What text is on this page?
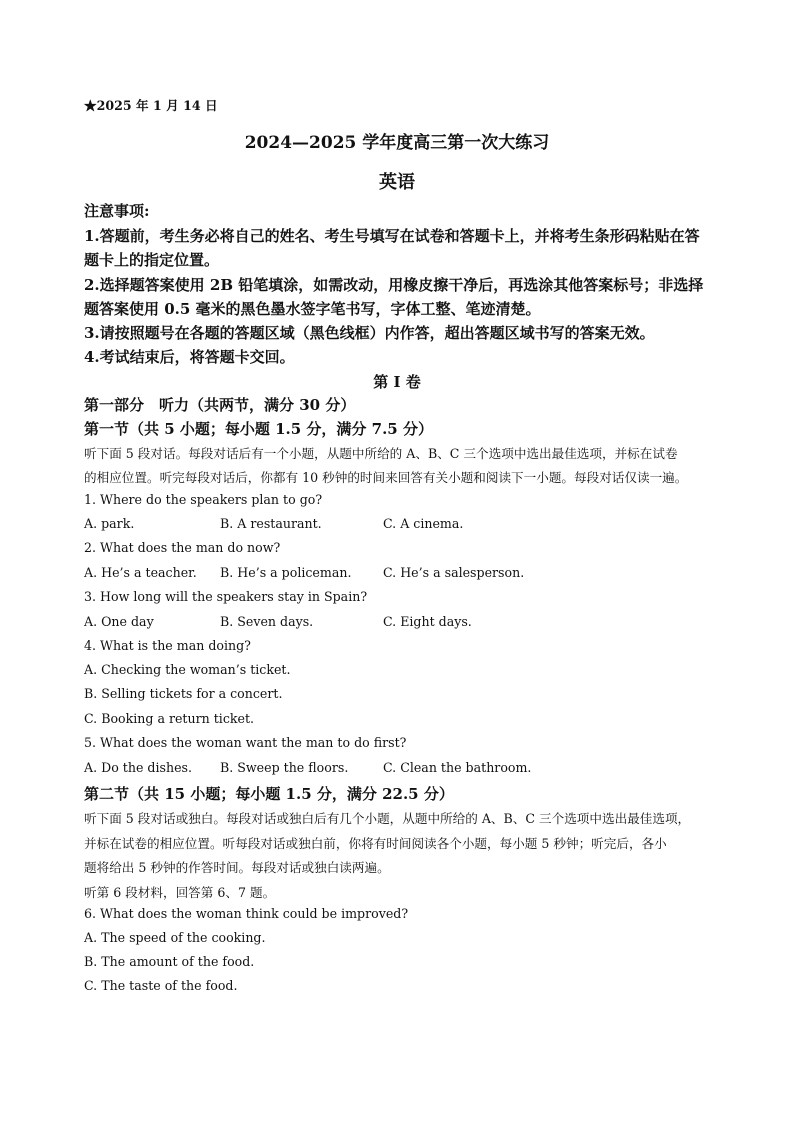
★2025 年 1 月 14 日
2024—2025 学年度高三第一次大练习
英语
注意事项:
1.答题前，考生务必将自己的姓名、考生号填写在试卷和答题卡上，并将考生条形码粘贴在答
题卡上的指定位置。
2.选择题答案使用 2B 铅笔填涂，如需改动，用橡皮擦干净后，再选涂其他答案标号；非选择
题答案使用 0.5 毫米的黑色墨水签字笔书写，字体工整、笔迹清楚。
3.请按照题号在各题的答题区域（黑色线框）内作答，超出答题区域书写的答案无效。
4.考试结束后，将答题卡交回。
第 I 卷
第一部分　听力（共两节，满分 30 分）
第一节（共 5 小题；每小题 1.5 分，满分 7.5 分）
听下面 5 段对话。每段对话后有一个小题，从题中所给的 A、B、C 三个选项中选出最佳选项，并标在试卷
的相应位置。听完每段对话后，你都有 10 秒钟的时间来回答有关小题和阅读下一小题。每段对话仅读一遍。
1. Where do the speakers plan to go?
A. park.	B. A restaurant.	C. A cinema.
2. What does the man do now?
A. He’s a teacher. B. He’s a policeman.	C. He’s a salesperson.
3. How long will the speakers stay in Spain?
A. One day	B. Seven days.	C. Eight days.
4. What is the man doing?
A. Checking the woman’s ticket.
B. Selling tickets for a concert.
C. Booking a return ticket.
5. What does the woman want the man to do first?
A. Do the dishes. B. Sweep the floors.	C. Clean the bathroom.
第二节（共 15 小题；每小题 1.5 分，满分 22.5 分）
听下面 5 段对话或独白。每段对话或独白后有几个小题，从题中所给的 A、B、C 三个选项中选出最佳选项，
并标在试卷的相应位置。听每段对话或独白前，你将有时间阅读各个小题，每小题 5 秒钟；听完后，各小
题将给出 5 秒钟的作答时间。每段对话或独白读两遍。
听第 6 段材料，回答第 6、7 题。
6. What does the woman think could be improved?
A. The speed of the cooking.
B. The amount of the food.
C. The taste of the food.
